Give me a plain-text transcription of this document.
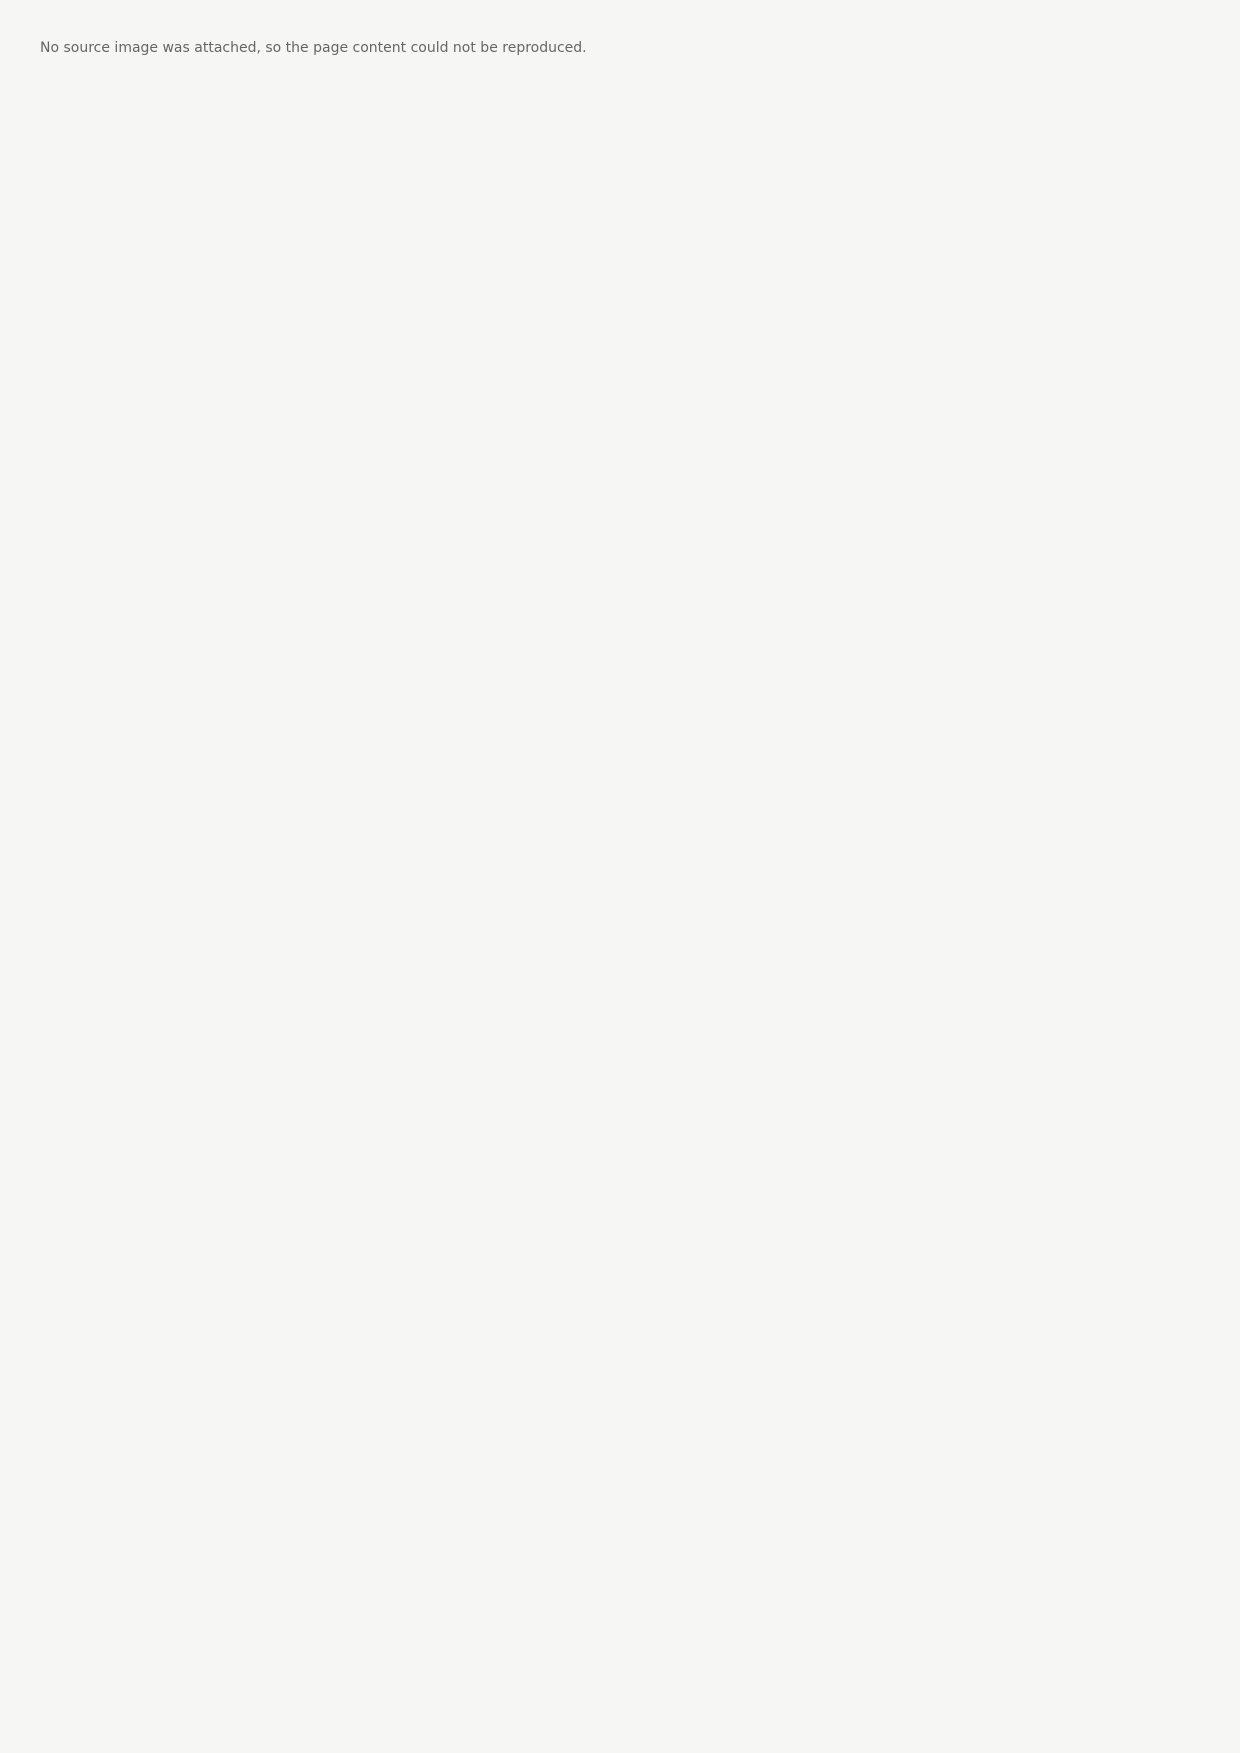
No source image was attached, so the page content could not be reproduced.
